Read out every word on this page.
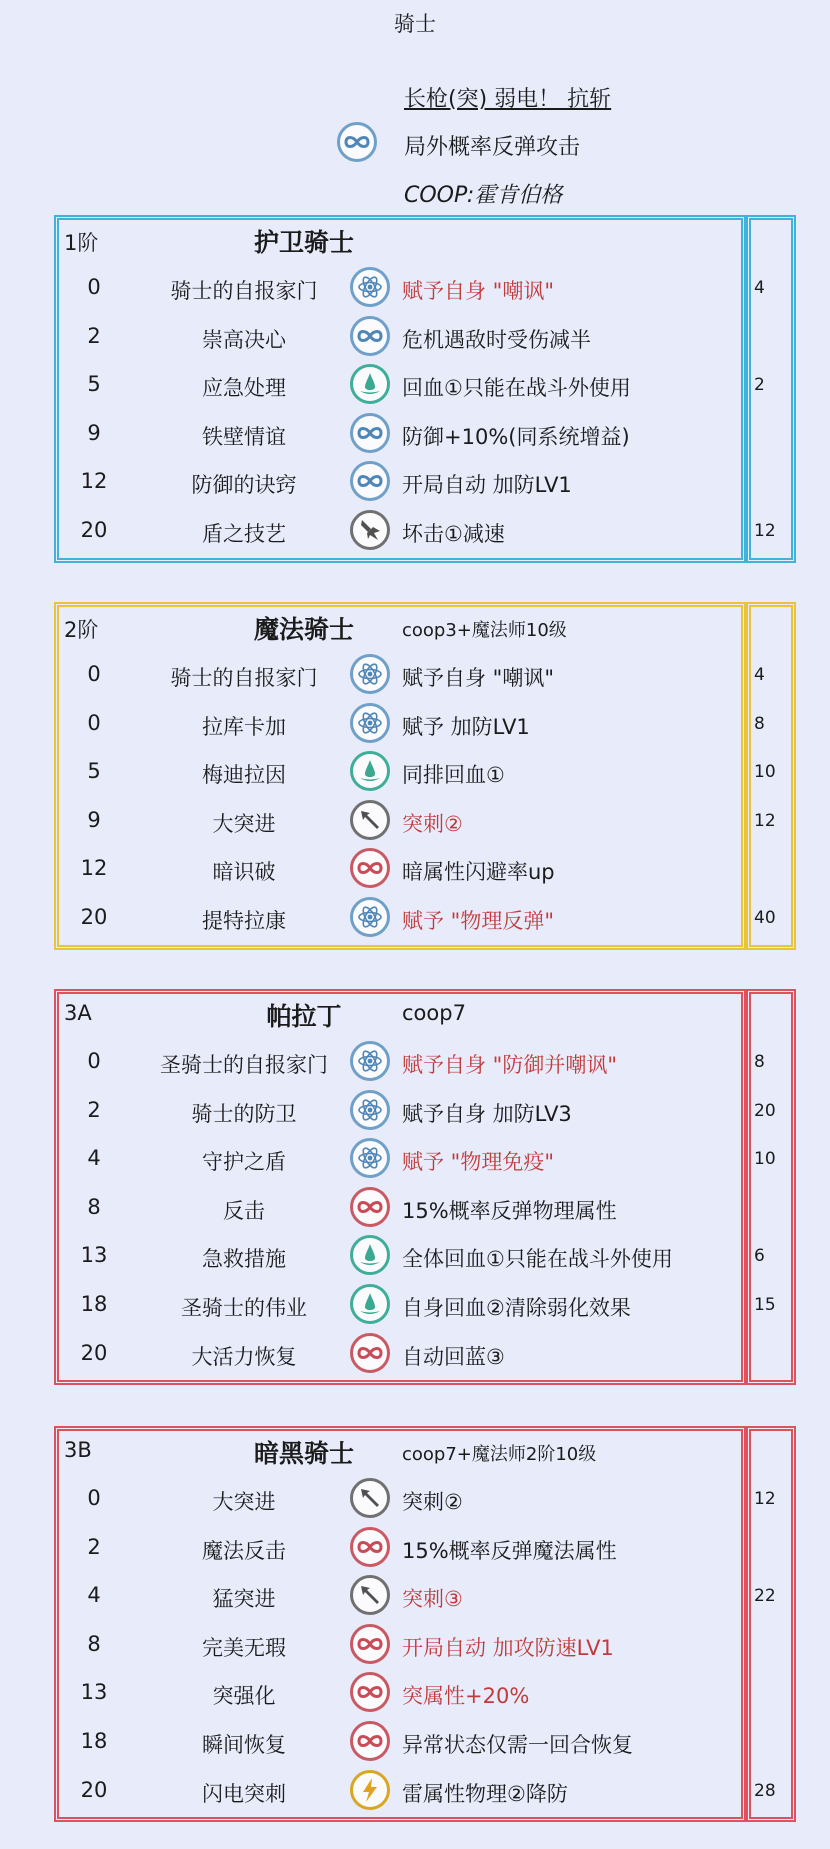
骑士
长枪(突) 弱电！ 抗斩
局外概率反弹攻击
COOP:霍肯伯格
1阶	护卫骑士
0	骑士的自报家门	赋予自身 "嘲讽"	4
2	崇高决心	危机遇敌时受伤减半
5	应急处理	回血①只能在战斗外使用	2
9	铁壁情谊	防御+10%(同系统增益)
12	防御的诀窍	开局自动 加防LV1
20	盾之技艺	坏击①减速	12
2阶	魔法骑士	coop3+魔法师10级
0	骑士的自报家门	赋予自身 "嘲讽"	4
0	拉库卡加	赋予 加防LV1	8
5	梅迪拉因	同排回血①	10
9	大突进	突刺②	12
12	暗识破	暗属性闪避率up
20	提特拉康	赋予 "物理反弹"	40
3A	帕拉丁	coop7
0	圣骑士的自报家门	赋予自身 "防御并嘲讽"	8
2	骑士的防卫	赋予自身 加防LV3	20
4	守护之盾	赋予 "物理免疫"	10
8	反击	15%概率反弹物理属性
13	急救措施	全体回血①只能在战斗外使用	6
18	圣骑士的伟业	自身回血②清除弱化效果	15
20	大活力恢复	自动回蓝③
3B	暗黑骑士	coop7+魔法师2阶10级
0	大突进	突刺②	12
2	魔法反击	15%概率反弹魔法属性
4	猛突进	突刺③	22
8	完美无瑕	开局自动 加攻防速LV1
13	突强化	突属性+20%
18	瞬间恢复	异常状态仅需一回合恢复
20	闪电突刺	雷属性物理②降防	28
